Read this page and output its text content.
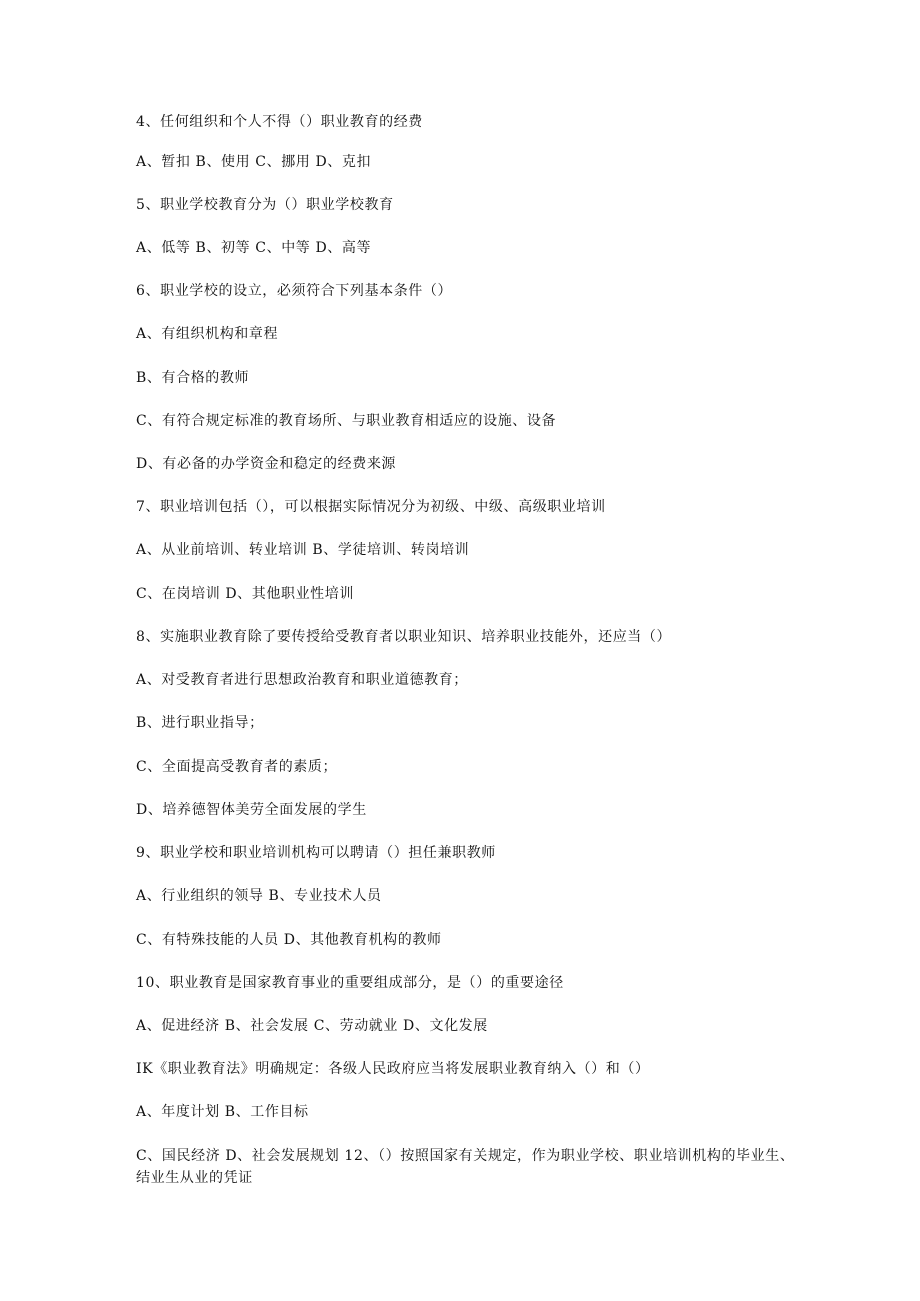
4、任何组织和个人不得（）职业教育的经费
A、暂扣 B、使用 C、挪用 D、克扣
5、职业学校教育分为（）职业学校教育
A、低等 B、初等 C、中等 D、高等
6、职业学校的设立，必须符合下列基本条件（）
A、有组织机构和章程
B、有合格的教师
C、有符合规定标准的教育场所、与职业教育相适应的设施、设备
D、有必备的办学资金和稳定的经费来源
7、职业培训包括（），可以根据实际情况分为初级、中级、高级职业培训
A、从业前培训、转业培训 B、学徒培训、转岗培训
C、在岗培训 D、其他职业性培训
8、实施职业教育除了要传授给受教育者以职业知识、培养职业技能外，还应当（）
A、对受教育者进行思想政治教育和职业道德教育；
B、进行职业指导；
C、全面提高受教育者的素质；
D、培养德智体美劳全面发展的学生
9、职业学校和职业培训机构可以聘请（）担任兼职教师
A、行业组织的领导 B、专业技术人员
C、有特殊技能的人员 D、其他教育机构的教师
10、职业教育是国家教育事业的重要组成部分，是（）的重要途径
A、促进经济 B、社会发展 C、劳动就业 D、文化发展
IK《职业教育法》明确规定：各级人民政府应当将发展职业教育纳入（）和（）
A、年度计划 B、工作目标
C、国民经济 D、社会发展规划 12、（）按照国家有关规定，作为职业学校、职业培训机构的毕业生、结业生从业的凭证
